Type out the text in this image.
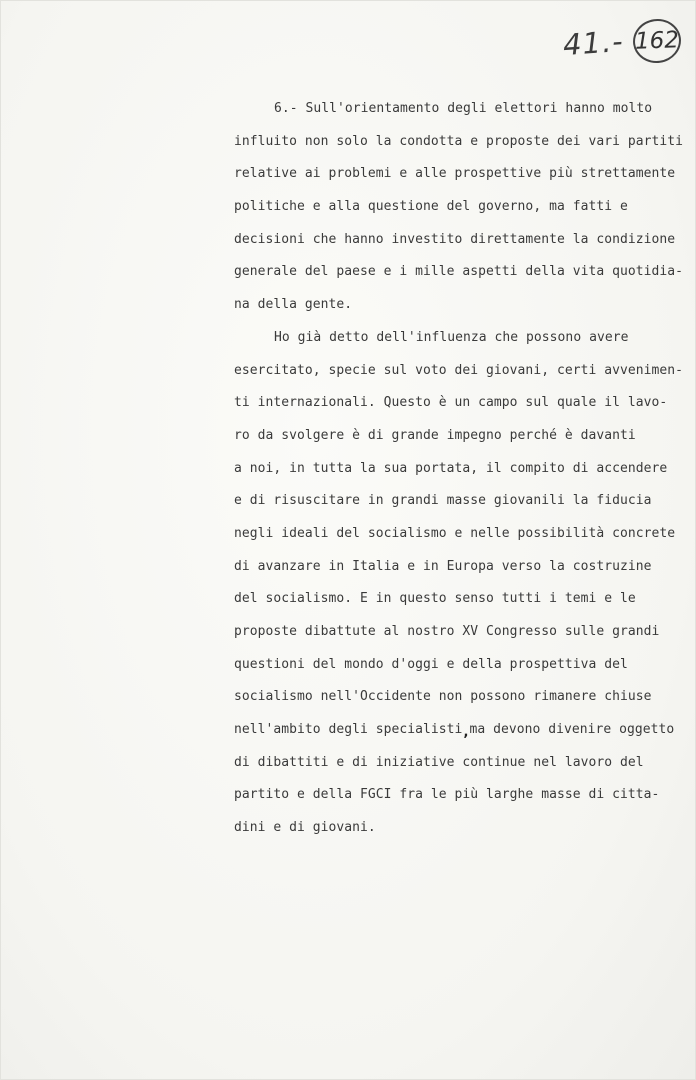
41.- 162
6.- Sull'orientamento degli elettori hanno molto
influito non solo la condotta e proposte dei vari partiti
relative ai problemi e alle prospettive più strettamente
politiche e alla questione del governo, ma fatti e
decisioni che hanno investito direttamente la condizione
generale del paese e i mille aspetti della vita quotidia-
na della gente.
Ho già detto dell'influenza che possono avere
esercitato, specie sul voto dei giovani, certi avvenimen-
ti internazionali. Questo è un campo sul quale il lavo-
ro da svolgere è di grande impegno perché è davanti
a noi, in tutta la sua portata, il compito di accendere
e di risuscitare in grandi masse giovanili la fiducia
negli ideali del socialismo e nelle possibilità concrete
di avanzare in Italia e in Europa verso la costruzine
del socialismo. E in questo senso tutti i temi e le
proposte dibattute al nostro XV Congresso sulle grandi
questioni del mondo d'oggi e della prospettiva del
socialismo nell'Occidente non possono rimanere chiuse
nell'ambito degli specialisti,ma devono divenire oggetto
di dibattiti e di iniziative continue nel lavoro del
partito e della FGCI fra le più larghe masse di citta-
dini e di giovani.
